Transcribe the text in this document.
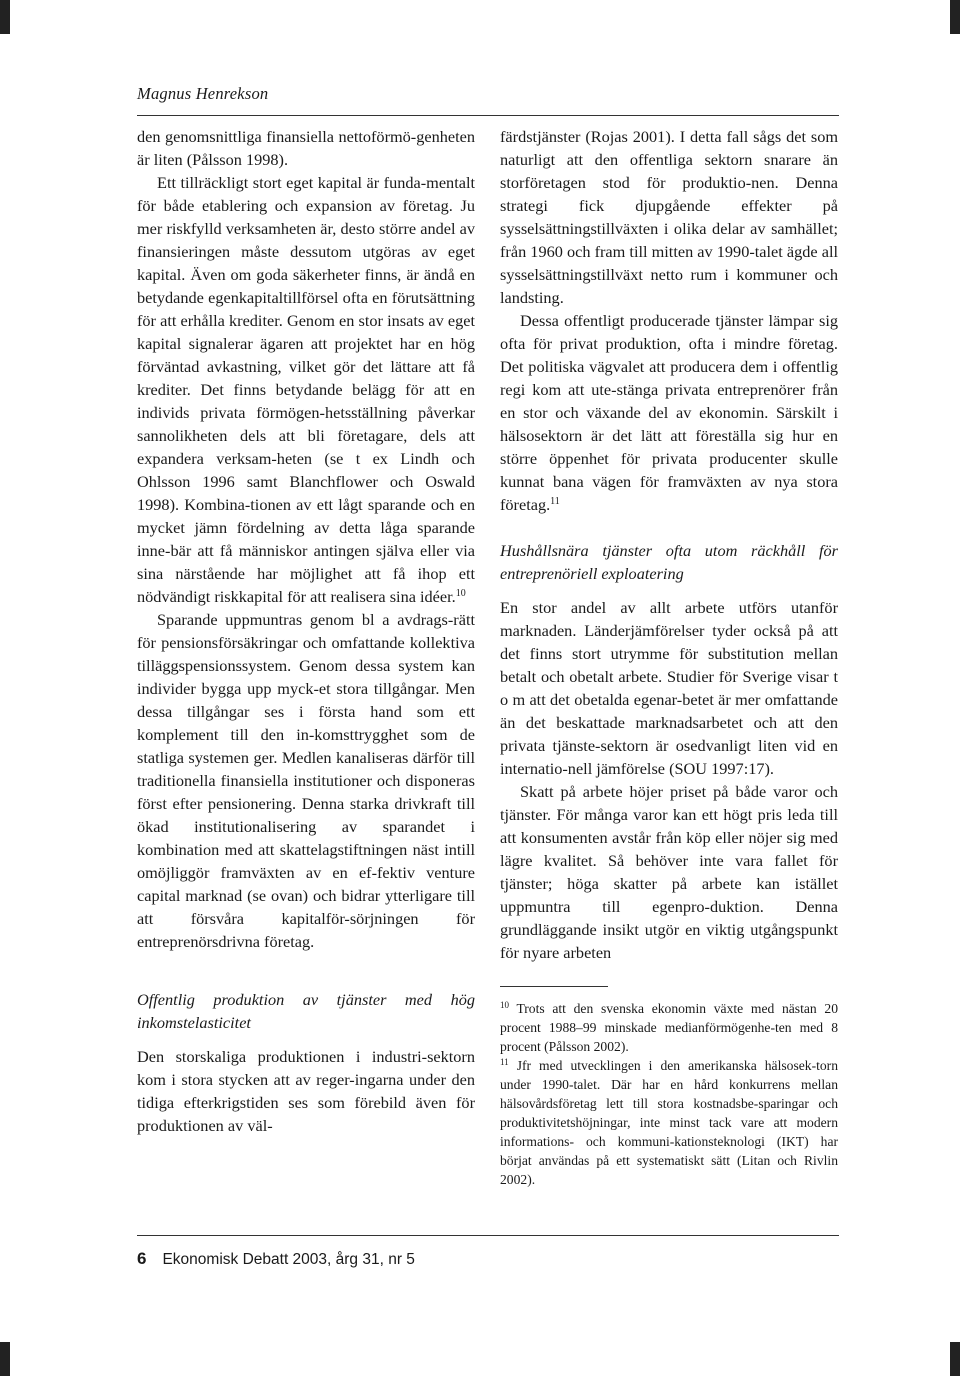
Magnus Henrekson

den genomsnittliga finansiella nettoförmö-genheten är liten (Pålsson 1998).

Ett tillräckligt stort eget kapital är funda-mentalt för både etablering och expansion av företag. Ju mer riskfylld verksamheten är, desto större andel av finansieringen måste dessutom utgöras av eget kapital. Även om goda säkerheter finns, är ändå en betydande egenkapitaltillförsel ofta en förutsättning för att erhålla krediter. Genom en stor insats av eget kapital signalerar ägaren att projektet har en hög förväntad avkastning, vilket gör det lättare att få krediter. Det finns betydande belägg för att en individs privata förmögen-hetsställning påverkar sannolikheten dels att bli företagare, dels att expandera verksam-heten (se t ex Lindh och Ohlsson 1996 samt Blanchflower och Oswald 1998). Kombina-tionen av ett lågt sparande och en mycket jämn fördelning av detta låga sparande inne-bär att få människor antingen själva eller via sina närstående har möjlighet att få ihop ett nödvändigt riskkapital för att realisera sina idéer.$^{10}$

Sparande uppmuntras genom bl a avdrags-rätt för pensionsförsäkringar och omfattande kollektiva tilläggspensionssystem. Genom dessa system kan individer bygga upp myck-et stora tillgångar. Men dessa tillgångar ses i första hand som ett komplement till den in-komsttrygghet som de statliga systemen ger. Medlen kanaliseras därför till traditionella finansiella institutioner och disponeras först efter pensionering. Denna starka drivkraft till ökad institutionalisering av sparandet i kombination med att skattelagstiftningen näst intill omöjliggör framväxten av en ef-fektiv venture capital marknad (se ovan) och bidrar ytterligare till att försvåra kapitalför-sörjningen för entreprenörsdrivna företag.

Offentlig produktion av tjänster med hög inkomstelasticitet

Den storskaliga produktionen i industri-sektorn kom i stora stycken att av reger-ingarna under den tidiga efterkrigstiden ses som förebild även för produktionen av väl-

färdstjänster (Rojas 2001). I detta fall sågs det som naturligt att den offentliga sektorn snarare än storföretagen stod för produktio-nen. Denna strategi fick djupgående effekter på sysselsättningstillväxten i olika delar av samhället; från 1960 och fram till mitten av 1990-talet ägde all sysselsättningstillväxt netto rum i kommuner och landsting.

Dessa offentligt producerade tjänster lämpar sig ofta för privat produktion, ofta i mindre företag. Det politiska vägvalet att producera dem i offentlig regi kom att ute-stänga privata entreprenörer från en stor och växande del av ekonomin. Särskilt i hälsosektorn är det lätt att föreställa sig hur en större öppenhet för privata producenter skulle kunnat bana vägen för framväxten av nya stora företag.$^{11}$

Hushållsnära tjänster ofta utom räckhåll för entreprenöriell exploatering

En stor andel av allt arbete utförs utanför marknaden. Länderjämförelser tyder också på att det finns stort utrymme för substitution mellan betalt och obetalt arbete. Studier för Sverige visar t o m att det obetalda egenar-betet är mer omfattande än det beskattade marknadsarbetet och att den privata tjänste-sektorn är osedvanligt liten vid en internatio-nell jämförelse (SOU 1997:17).

Skatt på arbete höjer priset på både varor och tjänster. För många varor kan ett högt pris leda till att konsumenten avstår från köp eller nöjer sig med lägre kvalitet. Så behöver inte vara fallet för tjänster; höga skatter på arbete kan istället uppmuntra till egenpro-duktion. Denna grundläggande insikt utgör en viktig utgångspunkt för nyare arbeten

$^{10}$ Trots att den svenska ekonomin växte med nästan 20 procent 1988–99 minskade medianförmögenhe-ten med 8 procent (Pålsson 2002).

$^{11}$ Jfr med utvecklingen i den amerikanska hälsosek-torn under 1990-talet. Där har en hård konkurrens mellan hälsovårdsföretag lett till stora kostnadsbe-sparingar och produktivitetshöjningar, inte minst tack vare att modern informations- och kommuni-kationsteknologi (IKT) har börjat användas på ett systematiskt sätt (Litan och Rivlin 2002).

6 Ekonomisk Debatt 2003, årg 31, nr 5
